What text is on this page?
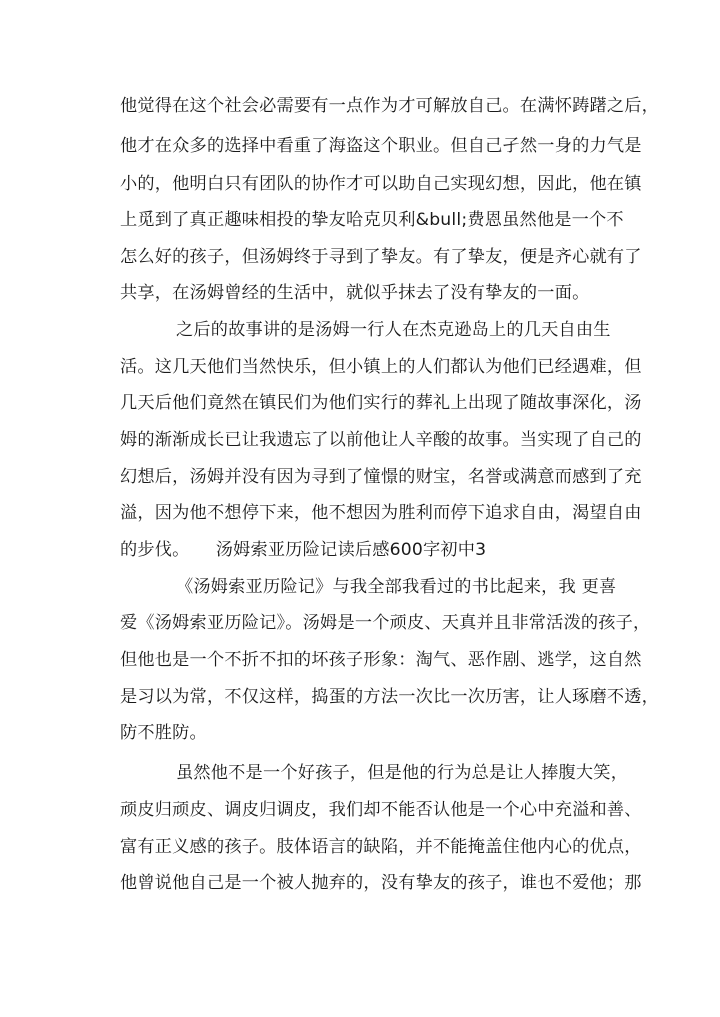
他觉得在这个社会必需要有一点作为才可解放自己。在满怀踌躇之后，
他才在众多的选择中看重了海盗这个职业。但自己孑然一身的力气是
小的，他明白只有团队的协作才可以助自己实现幻想，因此，他在镇
上觅到了真正趣味相投的挚友哈克贝利&bull;费恩虽然他是一个不
怎么好的孩子，但汤姆终于寻到了挚友。有了挚友，便是齐心就有了
共享，在汤姆曾经的生活中，就似乎抹去了没有挚友的一面。
之后的故事讲的是汤姆一行人在杰克逊岛上的几天自由生
活。这几天他们当然快乐，但小镇上的人们都认为他们已经遇难，但
几天后他们竟然在镇民们为他们实行的葬礼上出现了随故事深化，汤
姆的渐渐成长已让我遗忘了以前他让人辛酸的故事。当实现了自己的
幻想后，汤姆并没有因为寻到了憧憬的财宝，名誉或满意而感到了充
溢，因为他不想停下来，他不想因为胜利而停下追求自由，渴望自由
的步伐。　　汤姆索亚历险记读后感600字初中3
《汤姆索亚历险记》与我全部我看过的书比起来，我 更喜
爱《汤姆索亚历险记》。汤姆是一个顽皮、天真并且非常活泼的孩子，
但他也是一个不折不扣的坏孩子形象：淘气、恶作剧、逃学，这自然
是习以为常，不仅这样，捣蛋的方法一次比一次历害，让人琢磨不透，
防不胜防。
虽然他不是一个好孩子，但是他的行为总是让人捧腹大笑，
顽皮归顽皮、调皮归调皮，我们却不能否认他是一个心中充溢和善、
富有正义感的孩子。肢体语言的缺陷，并不能掩盖住他内心的优点，
他曾说他自己是一个被人抛弃的，没有挚友的孩子，谁也不爱他；那
